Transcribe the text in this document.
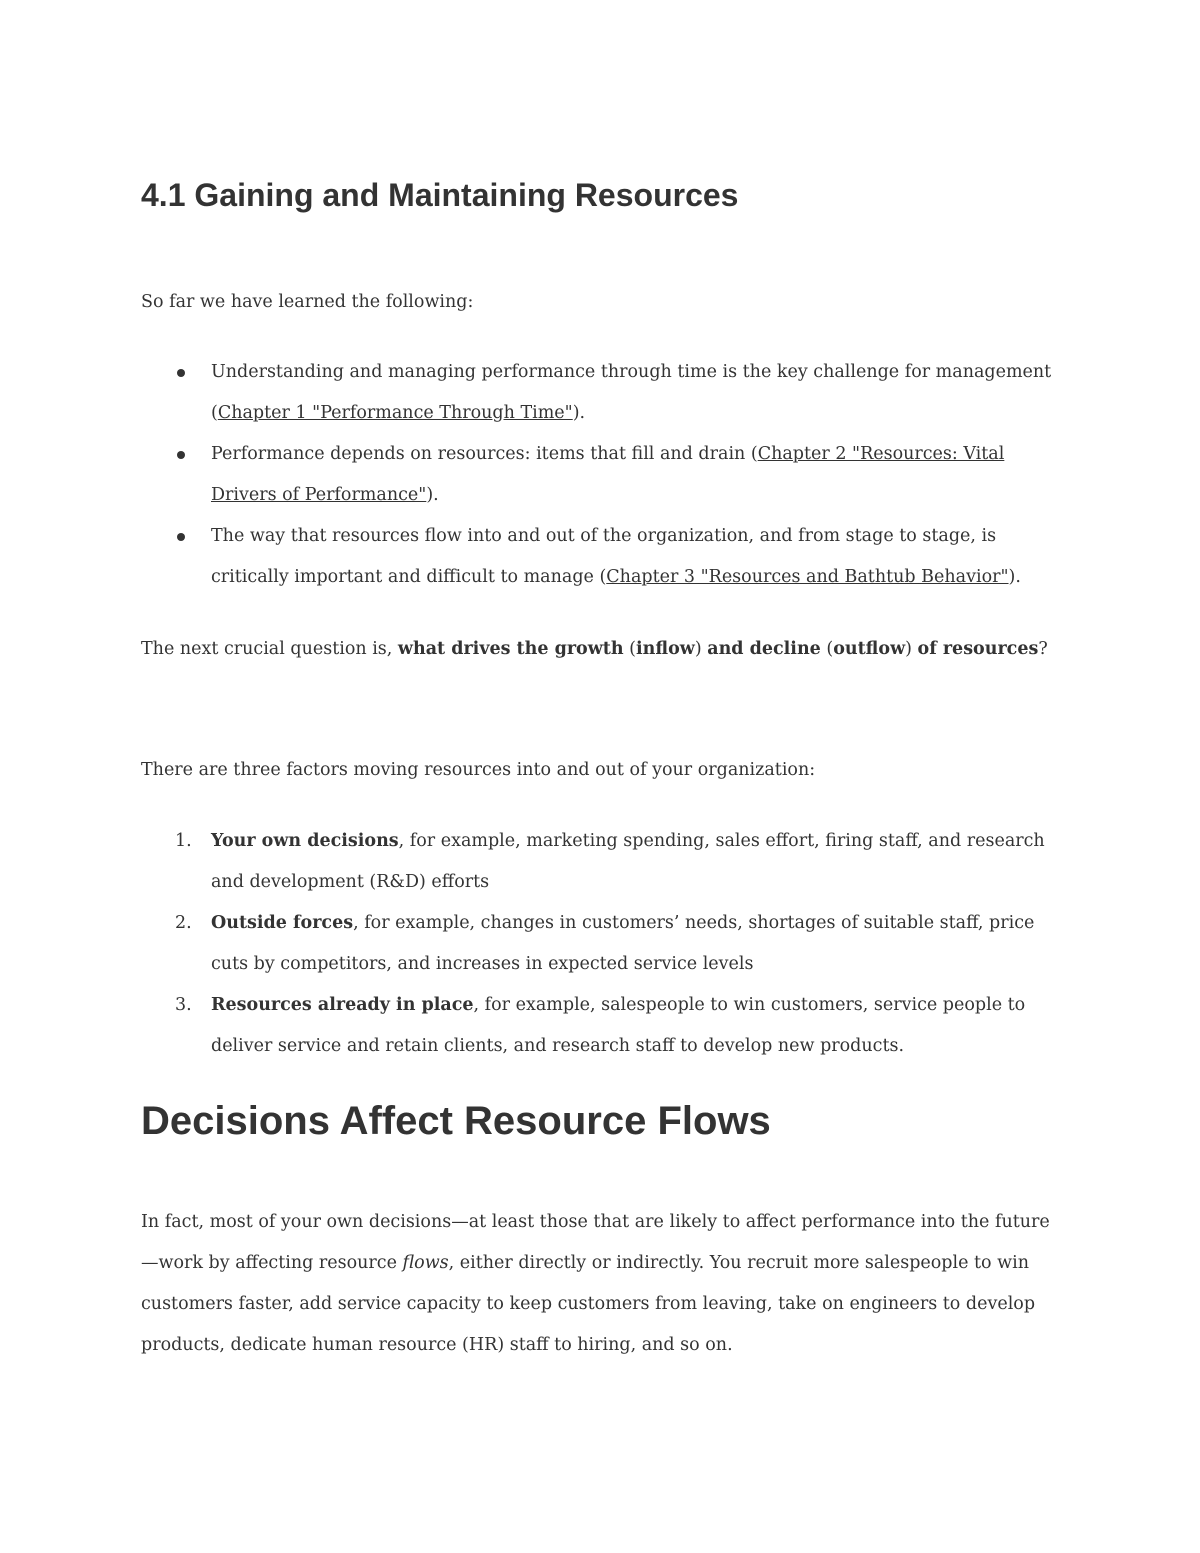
4.1 Gaining and Maintaining Resources

So far we have learned the following:

Understanding and managing performance through time is the key challenge for management (Chapter 1 "Performance Through Time").
Performance depends on resources: items that fill and drain (Chapter 2 "Resources: Vital Drivers of Performance").
The way that resources flow into and out of the organization, and from stage to stage, is critically important and difficult to manage (Chapter 3 "Resources and Bathtub Behavior").

The next crucial question is, what drives the growth (inflow) and decline (outflow) of resources?

There are three factors moving resources into and out of your organization:

1. Your own decisions, for example, marketing spending, sales effort, firing staff, and research and development (R&D) efforts
2. Outside forces, for example, changes in customers’ needs, shortages of suitable staff, price cuts by competitors, and increases in expected service levels
3. Resources already in place, for example, salespeople to win customers, service people to deliver service and retain clients, and research staff to develop new products.
Decisions Affect Resource Flows

In fact, most of your own decisions—at least those that are likely to affect performance into the future—work by affecting resource flows, either directly or indirectly. You recruit more salespeople to win customers faster, add service capacity to keep customers from leaving, take on engineers to develop products, dedicate human resource (HR) staff to hiring, and so on.
